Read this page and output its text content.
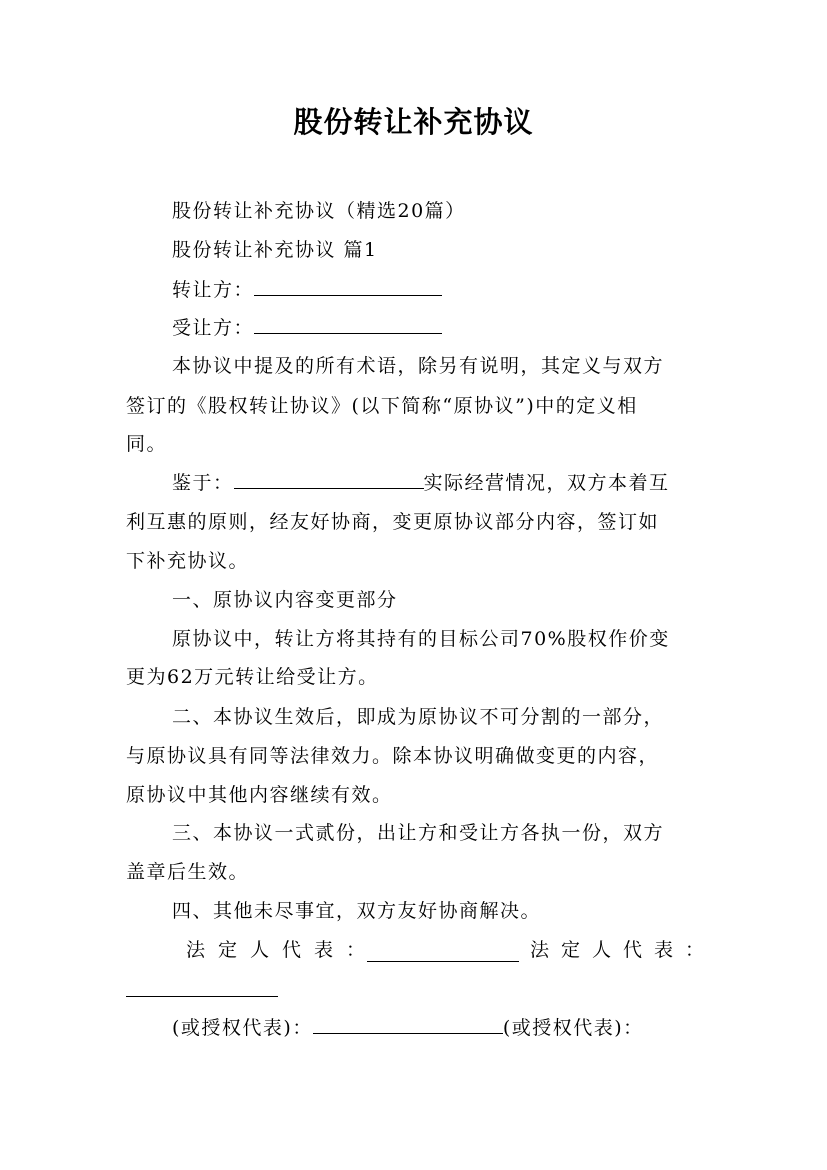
股份转让补充协议
股份转让补充协议（精选20篇）
股份转让补充协议 篇1
转让方：
受让方：
本协议中提及的所有术语，除另有说明，其定义与双方
签订的《股权转让协议》(以下简称“原协议”)中的定义相
同。
鉴于：	实际经营情况，双方本着互
利互惠的原则，经友好协商，变更原协议部分内容，签订如
下补充协议。
一、原协议内容变更部分
原协议中，转让方将其持有的目标公司70%股权作价变
更为62万元转让给受让方。
二、本协议生效后，即成为原协议不可分割的一部分，
与原协议具有同等法律效力。除本协议明确做变更的内容，
原协议中其他内容继续有效。
三、本协议一式贰份，出让方和受让方各执一份，双方
盖章后生效。
四、其他未尽事宜，双方友好协商解决。
法定人代表：	法定人代表：
(或授权代表)：	(或授权代表)：
